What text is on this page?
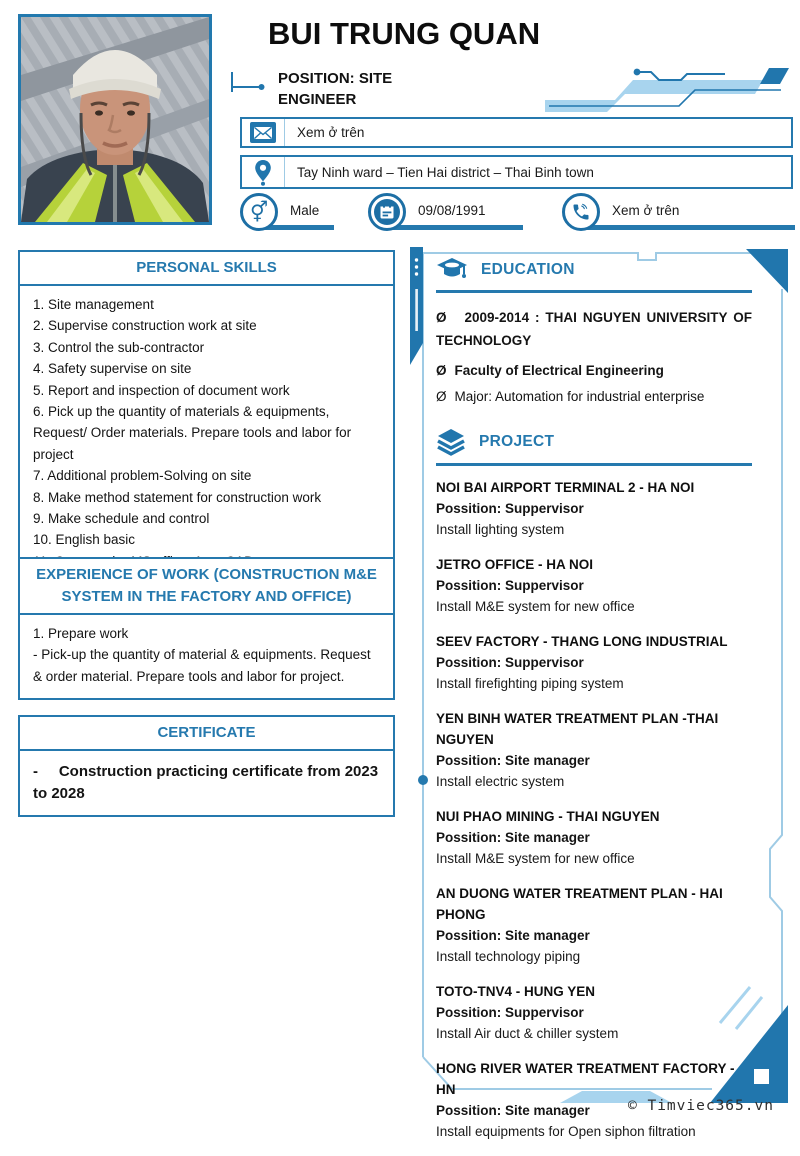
BUI TRUNG QUAN
POSITION: SITE ENGINEER
Xem ở trên
Tay Ninh ward – Tien Hai district – Thai Binh town
⚥ Male	09/08/1991	Xem ở trên
PERSONAL SKILLS
1. Site management
2. Supervise construction work at site
3. Control the sub-contractor
4. Safety supervise on site
5. Report and inspection of document work
6. Pick up the quantity of materials & equipments, Request/ Order materials. Prepare tools and labor for project
7. Additional problem-Solving on site
8. Make method statement for construction work
9. Make schedule and control
10. English basic
EXPERIENCE OF WORK (CONSTRUCTION M&E SYSTEM IN THE FACTORY AND OFFICE)
1. Prepare work
- Pick-up the quantity of material & equipments. Request & order material. Prepare tools and labor for project.
CERTIFICATE
-     Construction practicing certificate from 2023 to 2028
EDUCATION
Ø 2009-2014 : THAI NGUYEN UNIVERSITY OF TECHNOLOGY
Ø Faculty of Electrical Engineering
Ø Major: Automation for industrial enterprise
PROJECT
NOI BAI AIRPORT TERMINAL 2 - HA NOI
Possition: Suppervisor
Install lighting system
JETRO OFFICE - HA NOI
Possition: Suppervisor
Install M&E system for new office
SEEV FACTORY - THANG LONG INDUSTRIAL
Possition: Suppervisor
Install firefighting piping system
YEN BINH WATER TREATMENT PLAN -THAI NGUYEN
Possition: Site manager
Install electric system
NUI PHAO MINING - THAI NGUYEN
Possition: Site manager
Install M&E system for new office
AN DUONG WATER TREATMENT PLAN - HAI PHONG
Possition: Site manager
Install technology piping
TOTO-TNV4 - HUNG YEN
Possition: Suppervisor
Install Air duct & chiller system
HONG RIVER WATER TREATMENT FACTORY - HN
Possition: Site manager
Install equipments for Open siphon filtration
© Timviec365.vn
